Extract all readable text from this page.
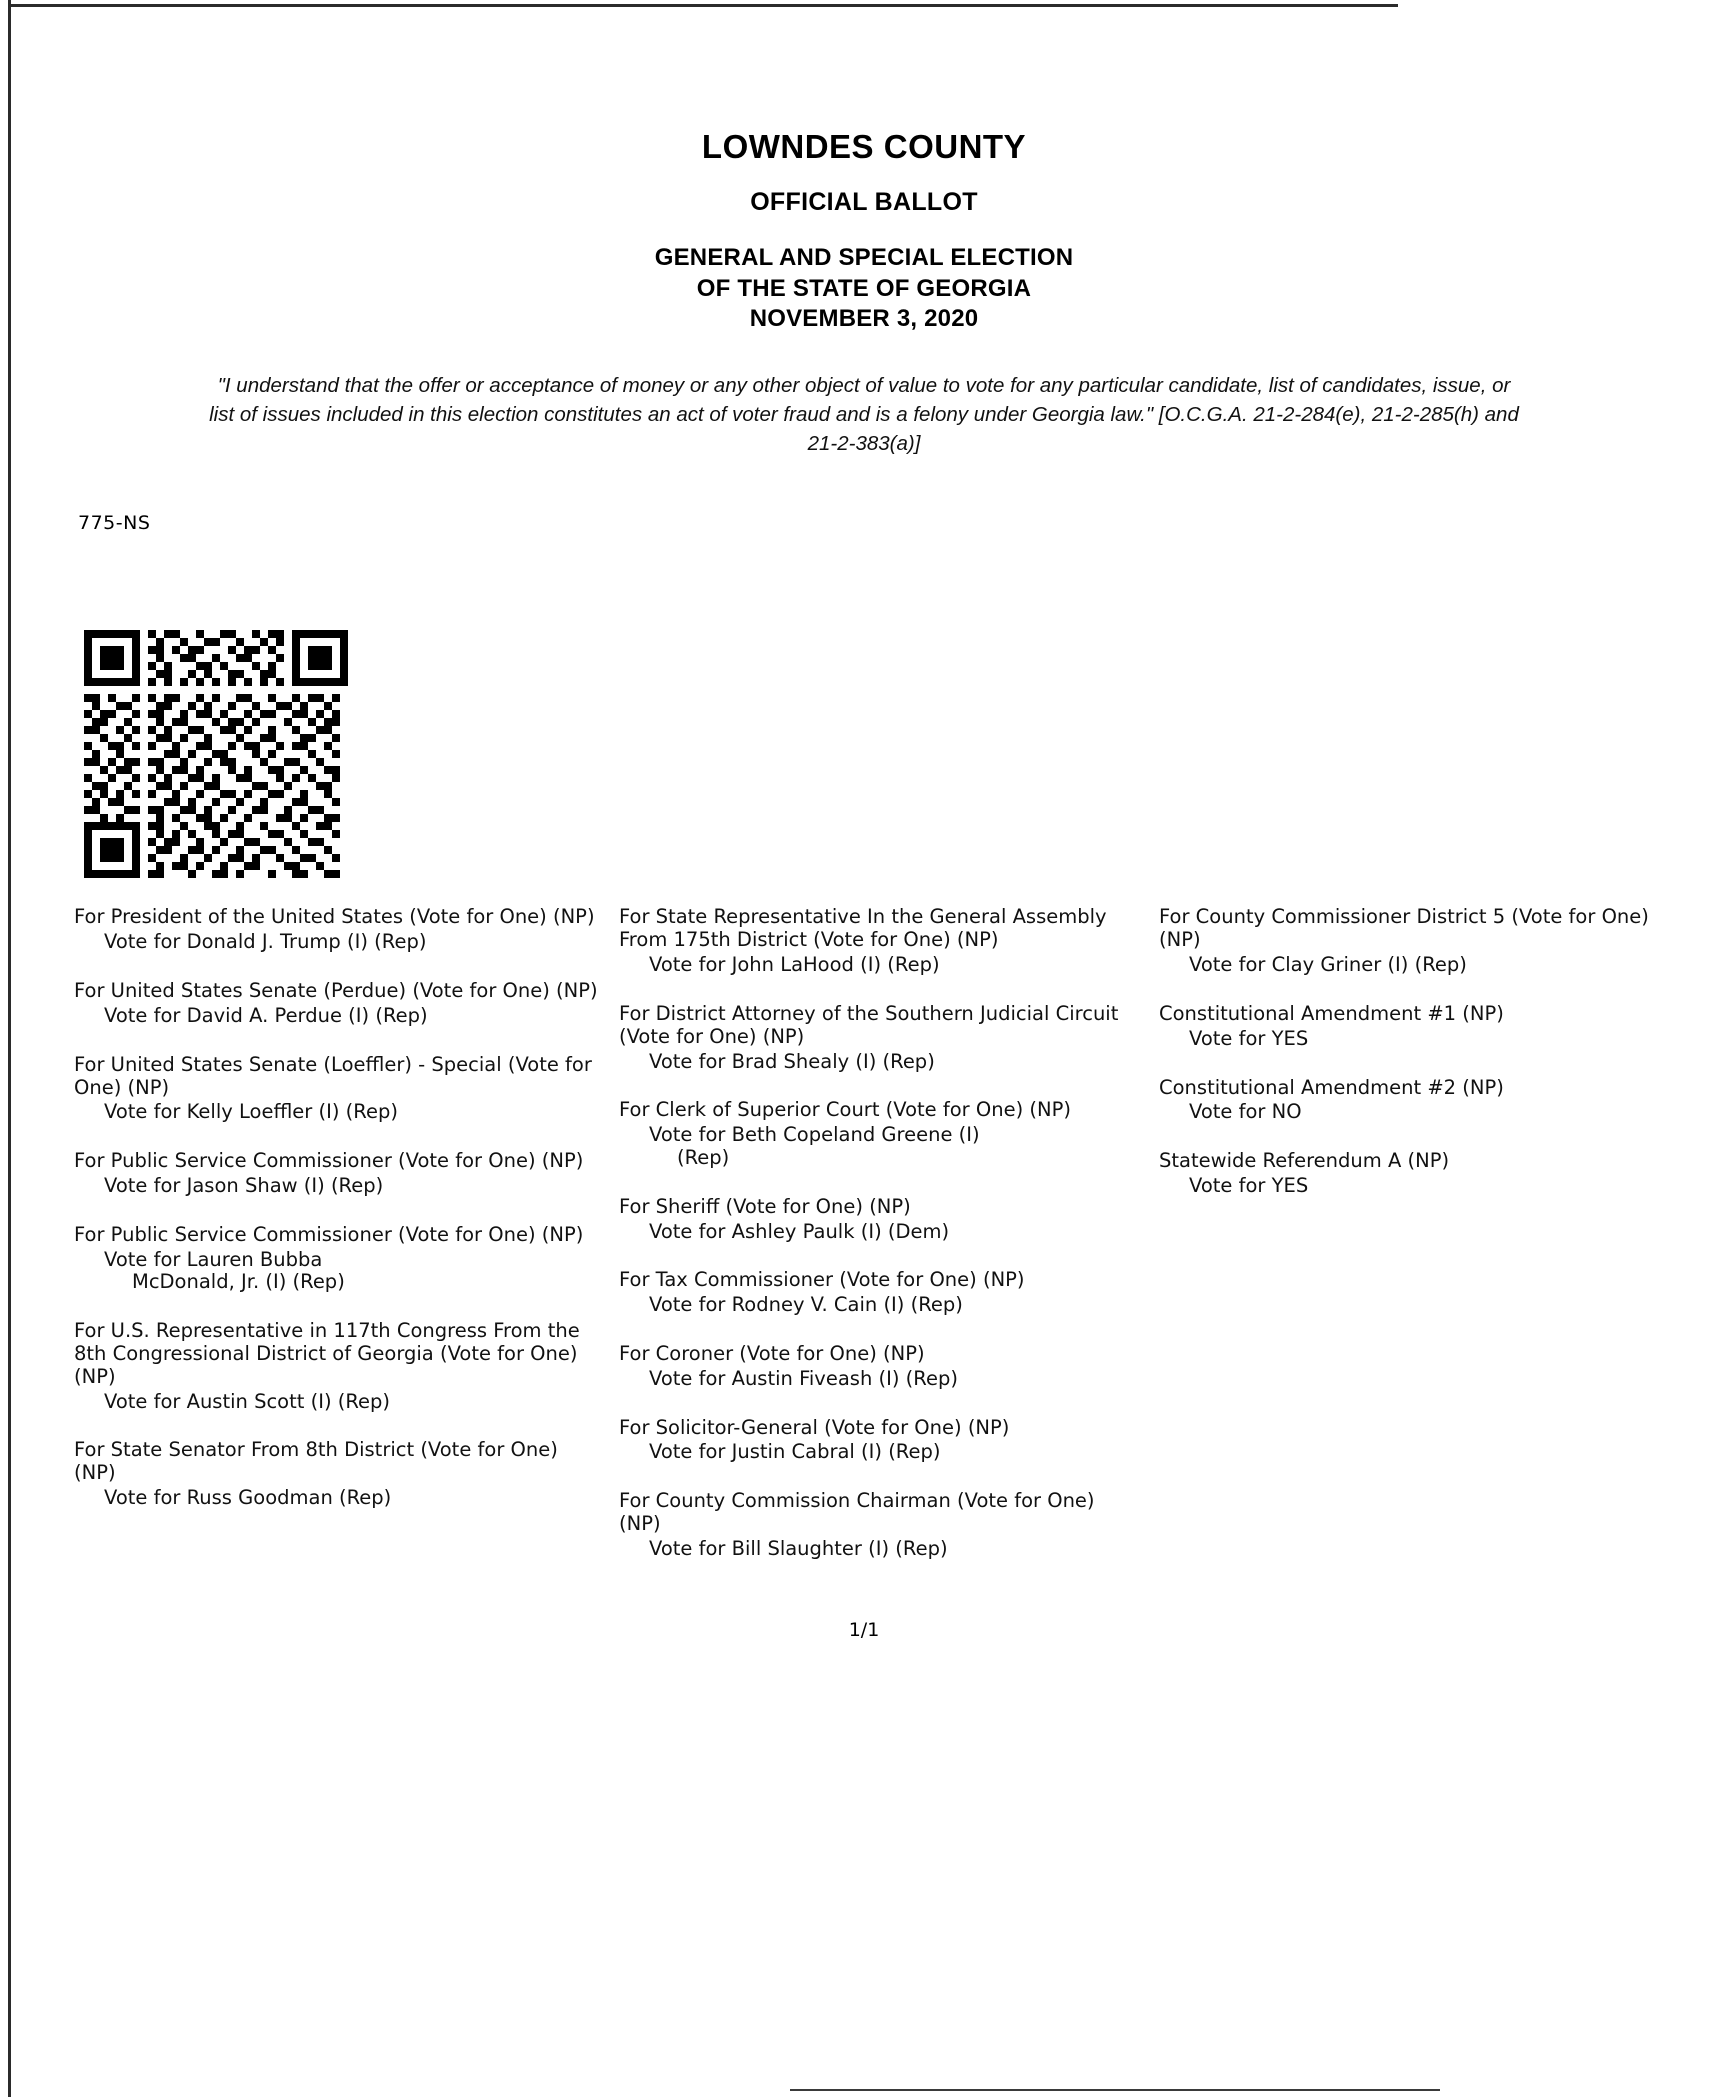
LOWNDES COUNTY
OFFICIAL BALLOT
GENERAL AND SPECIAL ELECTION
OF THE STATE OF GEORGIA
NOVEMBER 3, 2020
"I understand that the offer or acceptance of money or any other object of value to vote for any particular candidate, list of candidates, issue, or list of issues included in this election constitutes an act of voter fraud and is a felony under Georgia law." [O.C.G.A. 21-2-284(e), 21-2-285(h) and 21-2-383(a)]
775-NS
For President of the United States (Vote for One) (NP)
Vote for Donald J. Trump (I) (Rep)
For United States Senate (Perdue) (Vote for One) (NP)
Vote for David A. Perdue (I) (Rep)
For United States Senate (Loeffler) - Special (Vote for One) (NP)
Vote for Kelly Loeffler (I) (Rep)
For Public Service Commissioner (Vote for One) (NP)
Vote for Jason Shaw (I) (Rep)
For Public Service Commissioner (Vote for One) (NP)
Vote for Lauren Bubba
McDonald, Jr. (I) (Rep)
For U.S. Representative in 117th Congress From the 8th Congressional District of Georgia (Vote for One) (NP)
Vote for Austin Scott (I) (Rep)
For State Senator From 8th District (Vote for One) (NP)
Vote for Russ Goodman (Rep)
For State Representative In the General Assembly From 175th District (Vote for One) (NP)
Vote for John LaHood (I) (Rep)
For District Attorney of the Southern Judicial Circuit (Vote for One) (NP)
Vote for Brad Shealy (I) (Rep)
For Clerk of Superior Court (Vote for One) (NP)
Vote for Beth Copeland Greene (I)
(Rep)
For Sheriff (Vote for One) (NP)
Vote for Ashley Paulk (I) (Dem)
For Tax Commissioner (Vote for One) (NP)
Vote for Rodney V. Cain (I) (Rep)
For Coroner (Vote for One) (NP)
Vote for Austin Fiveash (I) (Rep)
For Solicitor-General (Vote for One) (NP)
Vote for Justin Cabral (I) (Rep)
For County Commission Chairman (Vote for One) (NP)
Vote for Bill Slaughter (I) (Rep)
For County Commissioner District 5 (Vote for One) (NP)
Vote for Clay Griner (I) (Rep)
Constitutional Amendment #1 (NP)
Vote for YES
Constitutional Amendment #2 (NP)
Vote for NO
Statewide Referendum A (NP)
Vote for YES
1/1
